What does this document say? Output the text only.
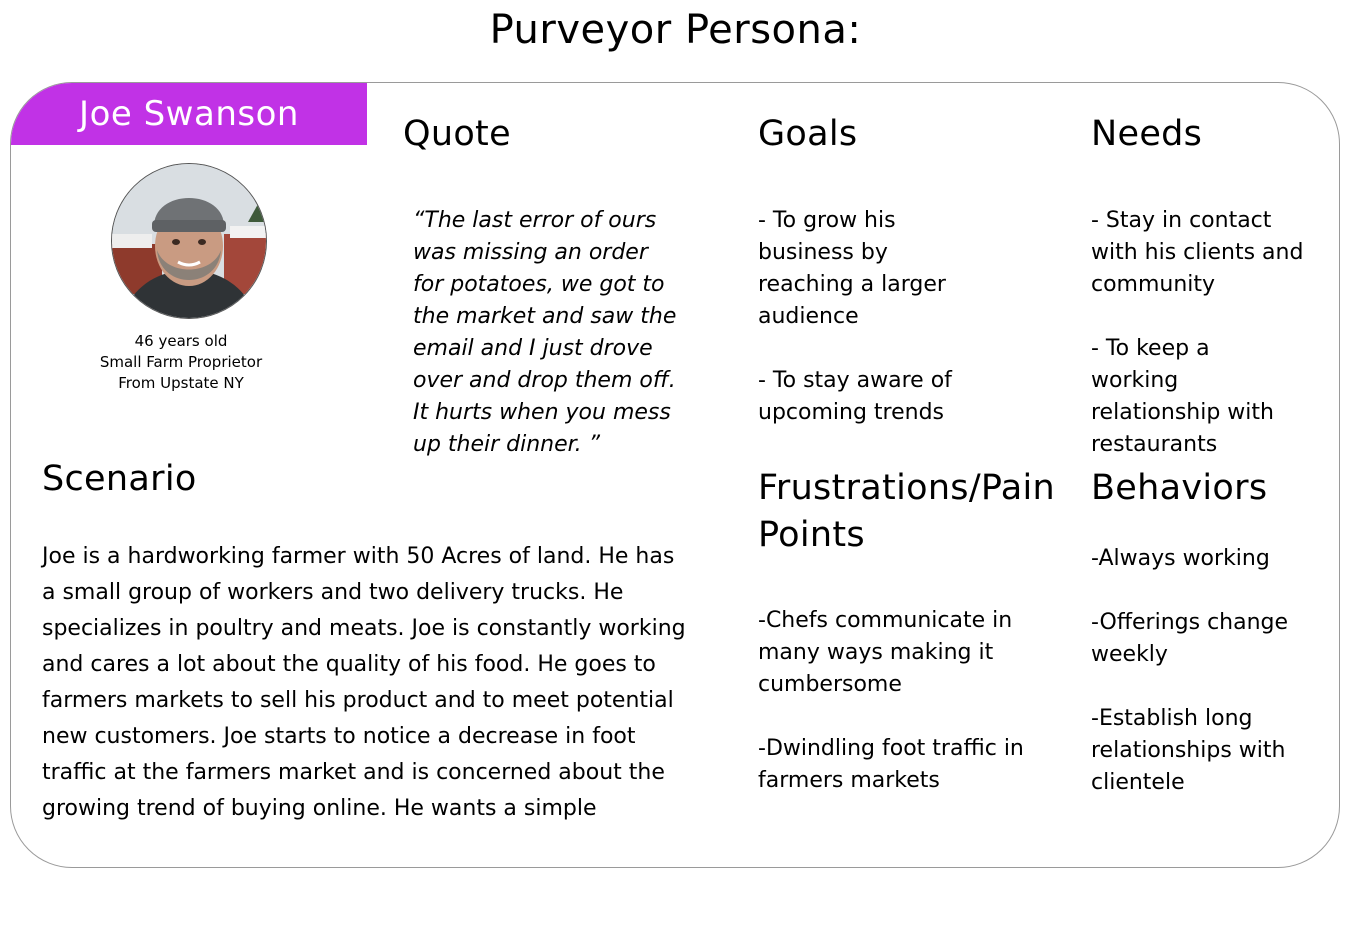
Purveyor Persona:
Joe Swanson
46 years old
Small Farm Proprietor
From Upstate NY
Quote
“The last error of ours
was missing an order
for potatoes, we got to
the market and saw the
email and I just drove
over and drop them off.
It hurts when you mess
up their dinner. ”
Goals
- To grow his
business by
reaching a larger
audience

- To stay aware of
upcoming trends
Needs
- Stay in contact
with his clients and
community

- To keep a
working
relationship with
restaurants
Scenario
Joe is a hardworking farmer with 50 Acres of land. He has a small group of workers and two delivery trucks. He specializes in poultry and meats. Joe is constantly working and cares a lot about the quality of his food. He goes to farmers markets to sell his product and to meet potential new customers. Joe starts to notice a decrease in foot traffic at the farmers market and is concerned about the growing trend of buying online. He wants a simple
Frustrations/Pain
Points
-Chefs communicate in
many ways making it
cumbersome

-Dwindling foot traffic in
farmers markets
Behaviors
-Always working

-Offerings change
weekly

-Establish long
relationships with
clientele
